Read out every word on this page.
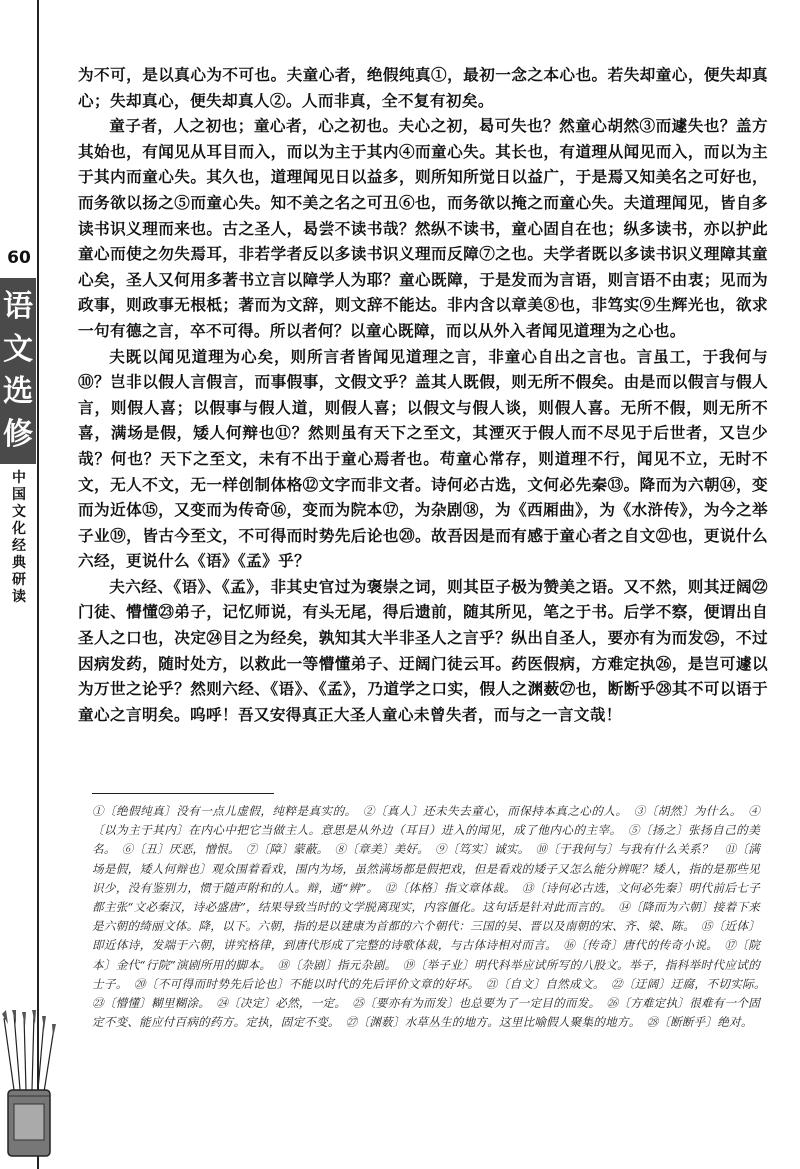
60
语
文
选
修
中
国
文
化
经
典
研
读

为不可，是以真心为不可也。夫童心者，绝假纯真①，最初一念之本心也。若失却童心，便失却真心；失却真心，便失却真人②。人而非真，全不复有初矣。

童子者，人之初也；童心者，心之初也。夫心之初，曷可失也？然童心胡然③而遽失也？盖方其始也，有闻见从耳目而入，而以为主于其内④而童心失。其长也，有道理从闻见而入，而以为主于其内而童心失。其久也，道理闻见日以益多，则所知所觉日以益广，于是焉又知美名之可好也，而务欲以扬之⑤而童心失。知不美之名之可丑⑥也，而务欲以掩之而童心失。夫道理闻见，皆自多读书识义理而来也。古之圣人，曷尝不读书哉？然纵不读书，童心固自在也；纵多读书，亦以护此童心而使之勿失焉耳，非若学者反以多读书识义理而反障⑦之也。夫学者既以多读书识义理障其童心矣，圣人又何用多著书立言以障学人为耶？童心既障，于是发而为言语，则言语不由衷；见而为政事，则政事无根柢；著而为文辞，则文辞不能达。非内含以章美⑧也，非笃实⑨生辉光也，欲求一句有德之言，卒不可得。所以者何？以童心既障，而以从外入者闻见道理为之心也。

夫既以闻见道理为心矣，则所言者皆闻见道理之言，非童心自出之言也。言虽工，于我何与⑩？岂非以假人言假言，而事假事，文假文乎？盖其人既假，则无所不假矣。由是而以假言与假人言，则假人喜；以假事与假人道，则假人喜；以假文与假人谈，则假人喜。无所不假，则无所不喜，满场是假，矮人何辩也⑪？然则虽有天下之至文，其湮灭于假人而不尽见于后世者，又岂少哉？何也？天下之至文，未有不出于童心焉者也。苟童心常存，则道理不行，闻见不立，无时不文，无人不文，无一样创制体格⑫文字而非文者。诗何必古选，文何必先秦⑬。降而为六朝⑭，变而为近体⑮，又变而为传奇⑯，变而为院本⑰，为杂剧⑱，为《西厢曲》，为《水浒传》，为今之举子业⑲，皆古今至文，不可得而时势先后论也⑳。故吾因是而有感于童心者之自文㉑也，更说什么六经，更说什么《语》《孟》乎？

夫六经、《语》、《孟》，非其史官过为褒崇之词，则其臣子极为赞美之语。又不然，则其迂阔㉒门徒、懵懂㉓弟子，记忆师说，有头无尾，得后遗前，随其所见，笔之于书。后学不察，便谓出自圣人之口也，决定㉔目之为经矣，孰知其大半非圣人之言乎？纵出自圣人，要亦有为而发㉕，不过因病发药，随时处方，以救此一等懵懂弟子、迂阔门徒云耳。药医假病，方难定执㉖，是岂可遽以为万世之论乎？然则六经、《语》、《孟》，乃道学之口实，假人之渊薮㉗也，断断乎㉘其不可以语于童心之言明矣。呜呼！吾又安得真正大圣人童心未曾失者，而与之一言文哉！

①〔绝假纯真〕没有一点儿虚假，纯粹是真实的。　②〔真人〕还未失去童心，而保持本真之心的人。　③〔胡然〕为什么。　④〔以为主于其内〕在内心中把它当做主人。意思是从外边（耳目）进入的闻见，成了他内心的主宰。　⑤〔扬之〕张扬自己的美名。　⑥〔丑〕厌恶，憎恨。　⑦〔障〕蒙蔽。　⑧〔章美〕美好。　⑨〔笃实〕诚实。　⑩〔于我何与〕与我有什么关系？　⑪〔满场是假，矮人何辩也〕观众围着看戏，围内为场，虽然满场都是假把戏，但是看戏的矮子又怎么能分辨呢？矮人，指的是那些见识少，没有鉴别力，惯于随声附和的人。辩，通“辨”。　⑫〔体格〕指文章体裁。　⑬〔诗何必古选，文何必先秦〕明代前后七子都主张“文必秦汉，诗必盛唐”，结果导致当时的文学脱离现实，内容僵化。这句话是针对此而言的。　⑭〔降而为六朝〕接着下来是六朝的绮丽文体。降，以下。六朝，指的是以建康为首都的六个朝代：三国的吴、晋以及南朝的宋、齐、梁、陈。　⑮〔近体〕即近体诗，发端于六朝，讲究格律，到唐代形成了完整的诗歌体裁，与古体诗相对而言。　⑯〔传奇〕唐代的传奇小说。　⑰〔院本〕金代“行院”演剧所用的脚本。　⑱〔杂剧〕指元杂剧。　⑲〔举子业〕明代科举应试所写的八股文。举子，指科举时代应试的士子。　⑳〔不可得而时势先后论也〕不能以时代的先后评价文章的好坏。　㉑〔自文〕自然成文。　㉒〔迂阔〕迂腐，不切实际。　㉓〔懵懂〕糊里糊涂。　㉔〔决定〕必然，一定。　㉕〔要亦有为而发〕也总要为了一定目的而发。　㉖〔方难定执〕很难有一个固定不变、能应付百病的药方。定执，固定不变。　㉗〔渊薮〕水草丛生的地方。这里比喻假人聚集的地方。　㉘〔断断乎〕绝对。
